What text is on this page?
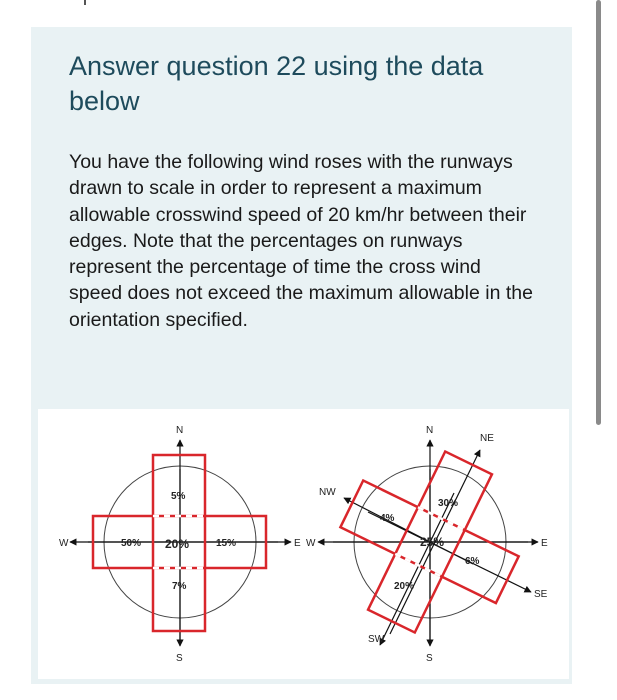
Answer question 22 using the data below

You have the following wind roses with the runways drawn to scale in order to represent a maximum allowable crosswind speed of 20 km/hr between their edges. Note that the percentages on runways represent the percentage of time the cross wind speed does not exceed the maximum allowable in the orientation specified.

N
S
E
W
5%
20%	15%
50%
7%
N
S
E
W
NE
NW
SE
SW
4%
30%
25%
6%
20%
